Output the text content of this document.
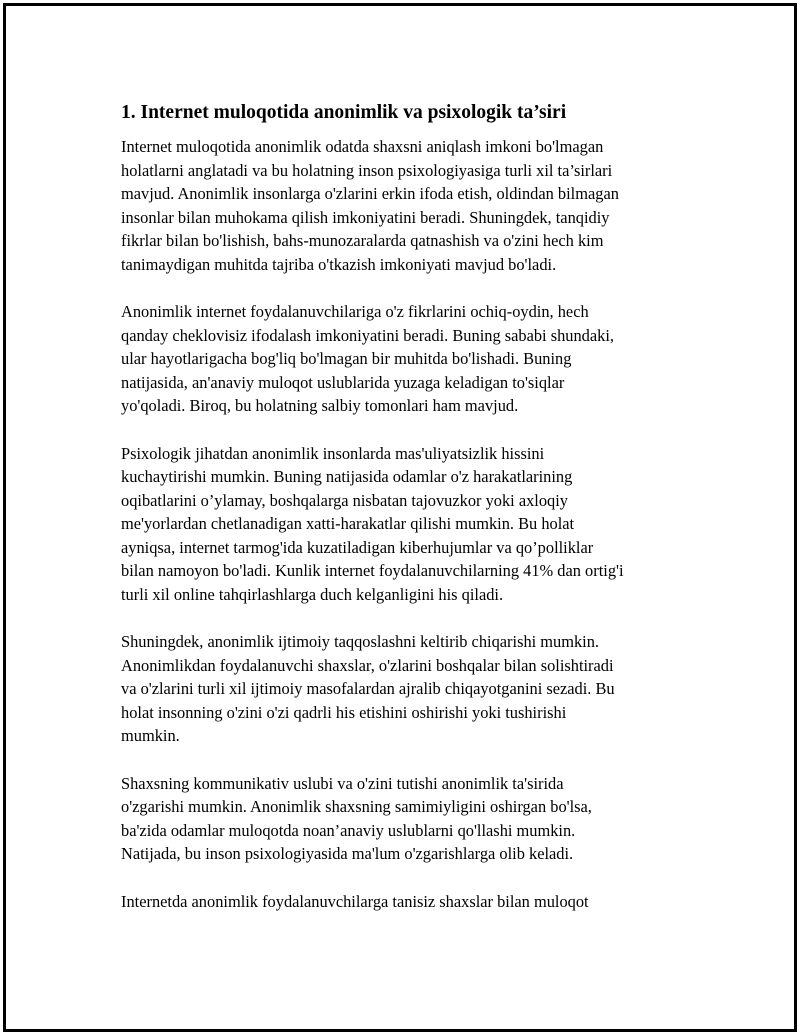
1. Internet muloqotida anonimlik va psixologik ta’siri

Internet muloqotida anonimlik odatda shaxsni aniqlash imkoni bo'lmagan
holatlarni anglatadi va bu holatning inson psixologiyasiga turli xil ta’sirlari
mavjud. Anonimlik insonlarga o'zlarini erkin ifoda etish, oldindan bilmagan
insonlar bilan muhokama qilish imkoniyatini beradi. Shuningdek, tanqidiy
fikrlar bilan bo'lishish, bahs-munozaralarda qatnashish va o'zini hech kim
tanimaydigan muhitda tajriba o'tkazish imkoniyati mavjud bo'ladi.

Anonimlik internet foydalanuvchilariga o'z fikrlarini ochiq-oydin, hech
qanday cheklovisiz ifodalash imkoniyatini beradi. Buning sababi shundaki,
ular hayotlarigacha bog'liq bo'lmagan bir muhitda bo'lishadi. Buning
natijasida, an'anaviy muloqot uslublarida yuzaga keladigan to'siqlar
yo'qoladi. Biroq, bu holatning salbiy tomonlari ham mavjud.

Psixologik jihatdan anonimlik insonlarda mas'uliyatsizlik hissini
kuchaytirishi mumkin. Buning natijasida odamlar o'z harakatlarining
oqibatlarini o’ylamay, boshqalarga nisbatan tajovuzkor yoki axloqiy
me'yorlardan chetlanadigan xatti-harakatlar qilishi mumkin. Bu holat
ayniqsa, internet tarmog'ida kuzatiladigan kiberhujumlar va qo’polliklar
bilan namoyon bo'ladi. Kunlik internet foydalanuvchilarning 41% dan ortig'i
turli xil online tahqirlashlarga duch kelganligini his qiladi.

Shuningdek, anonimlik ijtimoiy taqqoslashni keltirib chiqarishi mumkin.
Anonimlikdan foydalanuvchi shaxslar, o'zlarini boshqalar bilan solishtiradi
va o'zlarini turli xil ijtimoiy masofalardan ajralib chiqayotganini sezadi. Bu
holat insonning o'zini o'zi qadrli his etishini oshirishi yoki tushirishi
mumkin.

Shaxsning kommunikativ uslubi va o'zini tutishi anonimlik ta'sirida
o'zgarishi mumkin. Anonimlik shaxsning samimiyligini oshirgan bo'lsa,
ba'zida odamlar muloqotda noan’anaviy uslublarni qo'llashi mumkin.
Natijada, bu inson psixologiyasida ma'lum o'zgarishlarga olib keladi.

Internetda anonimlik foydalanuvchilarga tanisiz shaxslar bilan muloqot
